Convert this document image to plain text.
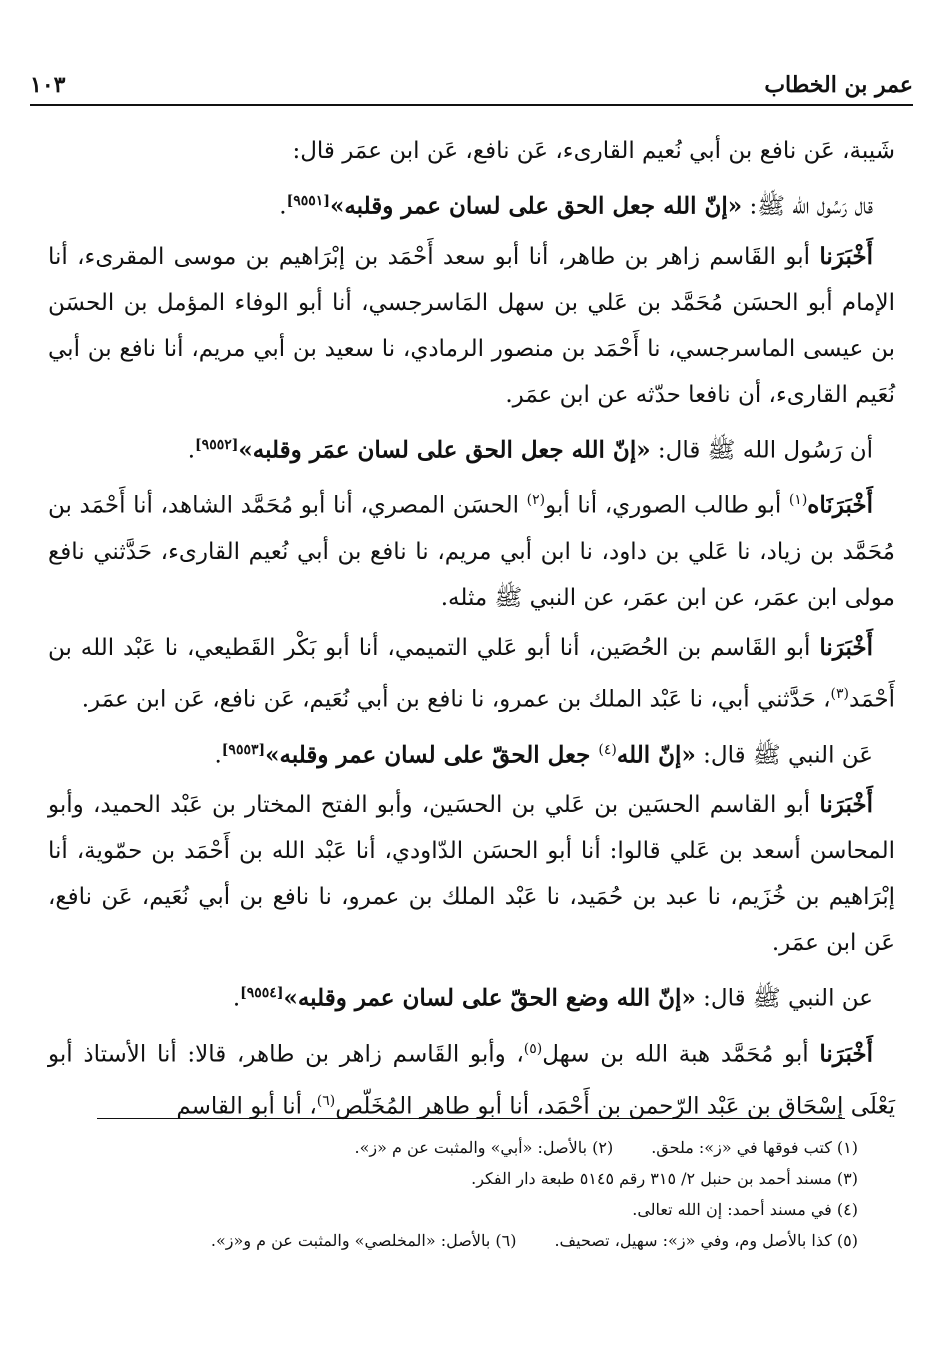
عمر بن الخطاب
١٠٣

شَيبة، عَن نافع بن أبي نُعيم القارىء، عَن نافع، عَن ابن عمَر قال:

قال رَسُول الله ﷺ: «إنّ الله جعل الحق على لسان عمر وقلبه»[٩٥٥١].

أَخْبَرَنا أبو القَاسم زاهر بن طاهر، أنا أبو سعد أَحْمَد بن إبْرَاهيم بن موسى المقرىء، أنا الإمام أبو الحسَن مُحَمَّد بن عَلي بن سهل المَاسرجسي، أنا أبو الوفاء المؤمل بن الحسَن بن عيسى الماسرجسي، نا أَحْمَد بن منصور الرمادي، نا سعيد بن أبي مريم، أنا نافع بن أبي نُعَيم القارىء، أن نافعا حدّثه عن ابن عمَر.

أن رَسُول الله ﷺ قال: «إنّ الله جعل الحق على لسان عمَر وقلبه»[٩٥٥٢].

أَخْبَرَنَاه$^{(١)}$ أبو طالب الصوري، أنا أبو$^{(٢)}$ الحسَن المصري، أنا أبو مُحَمَّد الشاهد، أنا أَحْمَد بن مُحَمَّد بن زياد، نا عَلي بن داود، نا ابن أبي مريم، نا نافع بن أبي نُعيم القارىء، حَدَّثني نافع مولى ابن عمَر، عن ابن عمَر، عن النبي ﷺ مثله.

أَخْبَرَنا أبو القَاسم بن الحُصَين، أنا أبو عَلي التميمي، أنا أبو بَكْر القَطيعي، نا عَبْد الله بن أَحْمَد$^{(٣)}$، حَدَّثني أبي، نا عَبْد الملك بن عمرو، نا نافع بن أبي نُعَيم، عَن نافع، عَن ابن عمَر.

عَن النبي ﷺ قال: «إنّ الله$^{(٤)}$ جعل الحقّ على لسان عمر وقلبه»[٩٥٥٣].

أَخْبَرَنا أبو القاسم الحسَين بن عَلي بن الحسَين، وأبو الفتح المختار بن عَبْد الحميد، وأبو المحاسن أسعد بن عَلي قالوا: أنا أبو الحسَن الدّاودي، أنا عَبْد الله بن أَحْمَد بن حمّوية، أنا إبْرَاهيم بن خُزَيم، نا عبد بن حُمَيد، نا عَبْد الملك بن عمرو، نا نافع بن أبي نُعَيم، عَن نافع، عَن ابن عمَر.

عن النبي ﷺ قال: «إنّ الله وضع الحقّ على لسان عمر وقلبه»[٩٥٥٤].

أَخْبَرَنا أبو مُحَمَّد هبة الله بن سهل$^{(٥)}$، وأبو القَاسم زاهر بن طاهر، قالا: أنا الأستاذ أبو يَعْلَى إسْحَاق بن عَبْد الرّحمن بن أَحْمَد، أنا أبو طاهر المُخَلّص$^{(٦)}$، أنا أبو القاسم

(١) كتب فوقها في «ز»: ملحق.
(٢) بالأصل: «أبي» والمثبت عن م «ز».
(٣) مسند أحمد بن حنبل ٢/ ٣١٥ رقم ٥١٤٥ طبعة دار الفكر.
(٤) في مسند أحمد: إن الله تعالى.
(٥) كذا بالأصل وم، وفي «ز»: سهيل، تصحيف.
(٦) بالأصل: «المخلصي» والمثبت عن م و«ز».
